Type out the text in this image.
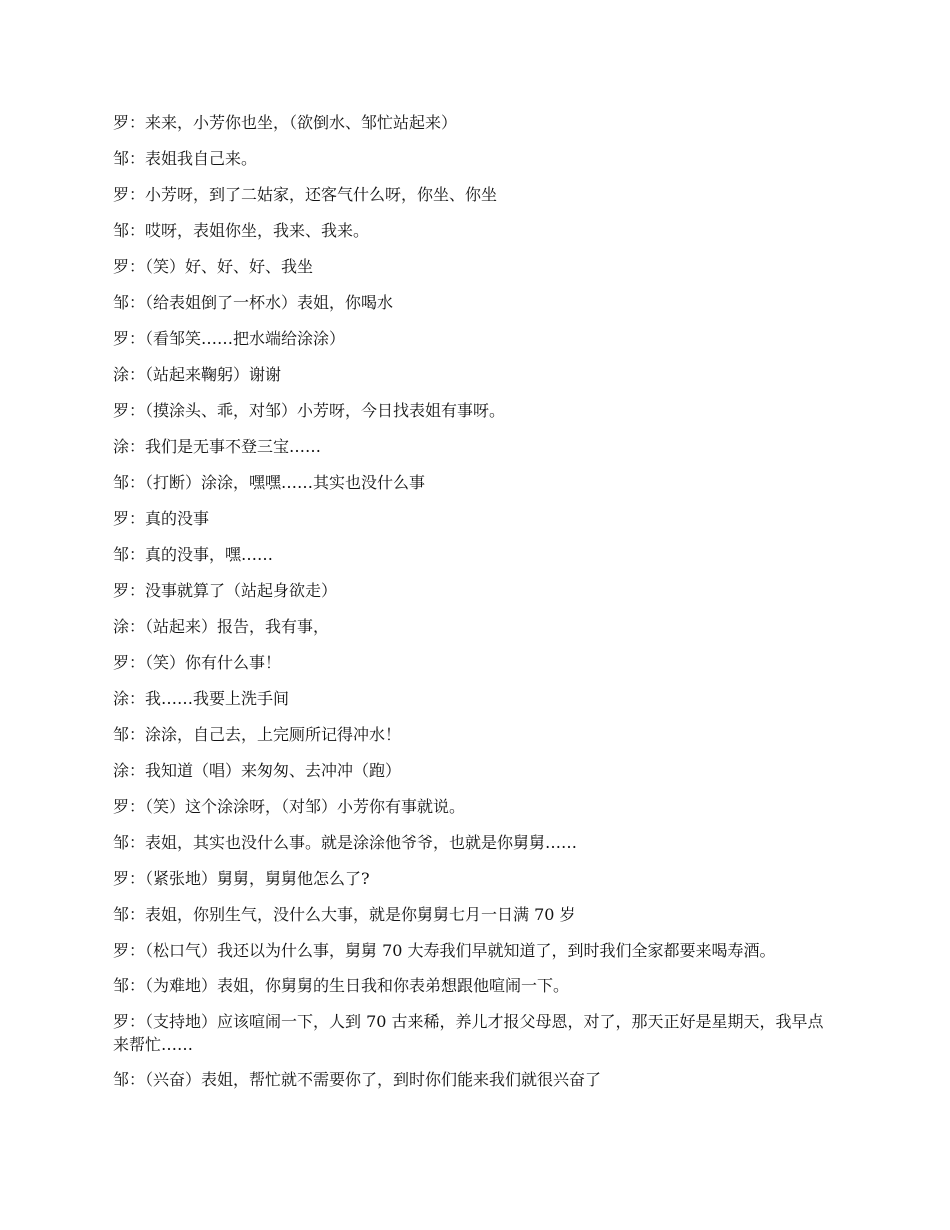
罗：来来，小芳你也坐，（欲倒水、邹忙站起来）

邹：表姐我自己来。

罗：小芳呀，到了二姑家，还客气什么呀，你坐、你坐

邹：哎呀，表姐你坐，我来、我来。

罗：（笑）好、好、好、我坐

邹：（给表姐倒了一杯水）表姐，你喝水

罗：（看邹笑……把水端给涂涂）

涂：（站起来鞠躬）谢谢

罗：（摸涂头、乖，对邹）小芳呀，今日找表姐有事呀。

涂：我们是无事不登三宝……

邹：（打断）涂涂，嘿嘿……其实也没什么事

罗：真的没事

邹：真的没事，嘿……

罗：没事就算了（站起身欲走）

涂：（站起来）报告，我有事，

罗：（笑）你有什么事！

涂：我……我要上洗手间

邹：涂涂，自己去，上完厕所记得冲水！

涂：我知道（唱）来匆匆、去冲冲（跑）

罗：（笑）这个涂涂呀，（对邹）小芳你有事就说。

邹：表姐，其实也没什么事。就是涂涂他爷爷，也就是你舅舅……

罗：（紧张地）舅舅，舅舅他怎么了?

邹：表姐，你别生气，没什么大事，就是你舅舅七月一日满 70 岁

罗：（松口气）我还以为什么事，舅舅 70 大寿我们早就知道了，到时我们全家都要来喝寿酒。

邹：（为难地）表姐，你舅舅的生日我和你表弟想跟他喧闹一下。

罗：（支持地）应该喧闹一下，人到 70 古来稀，养儿才报父母恩，对了，那天正好是星期天，我早点来帮忙……

邹：（兴奋）表姐，帮忙就不需要你了，到时你们能来我们就很兴奋了
